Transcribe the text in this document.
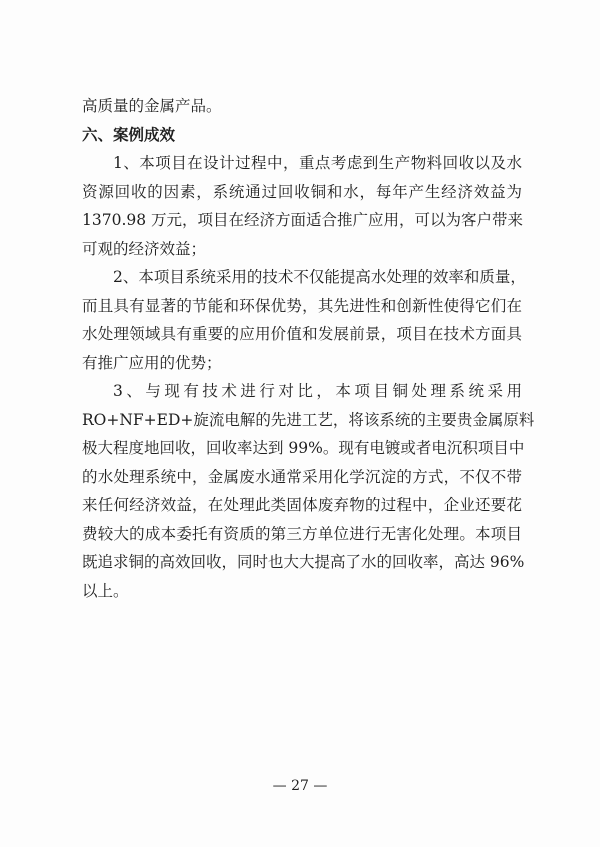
高质量的金属产品。
六、案例成效
1、本项目在设计过程中，重点考虑到生产物料回收以及水
资源回收的因素，系统通过回收铜和水，每年产生经济效益为
1370.98 万元，项目在经济方面适合推广应用，可以为客户带来
可观的经济效益；
2、本项目系统采用的技术不仅能提高水处理的效率和质量，
而且具有显著的节能和环保优势，其先进性和创新性使得它们在
水处理领域具有重要的应用价值和发展前景，项目在技术方面具
有推广应用的优势；
3、与现有技术进行对比，本项目铜处理系统采用
RO+NF+ED+旋流电解的先进工艺，将该系统的主要贵金属原料
极大程度地回收，回收率达到 99%。现有电镀或者电沉积项目中
的水处理系统中，金属废水通常采用化学沉淀的方式，不仅不带
来任何经济效益，在处理此类固体废弃物的过程中，企业还要花
费较大的成本委托有资质的第三方单位进行无害化处理。本项目
既追求铜的高效回收，同时也大大提高了水的回收率，高达 96%
以上。
— 27 —
